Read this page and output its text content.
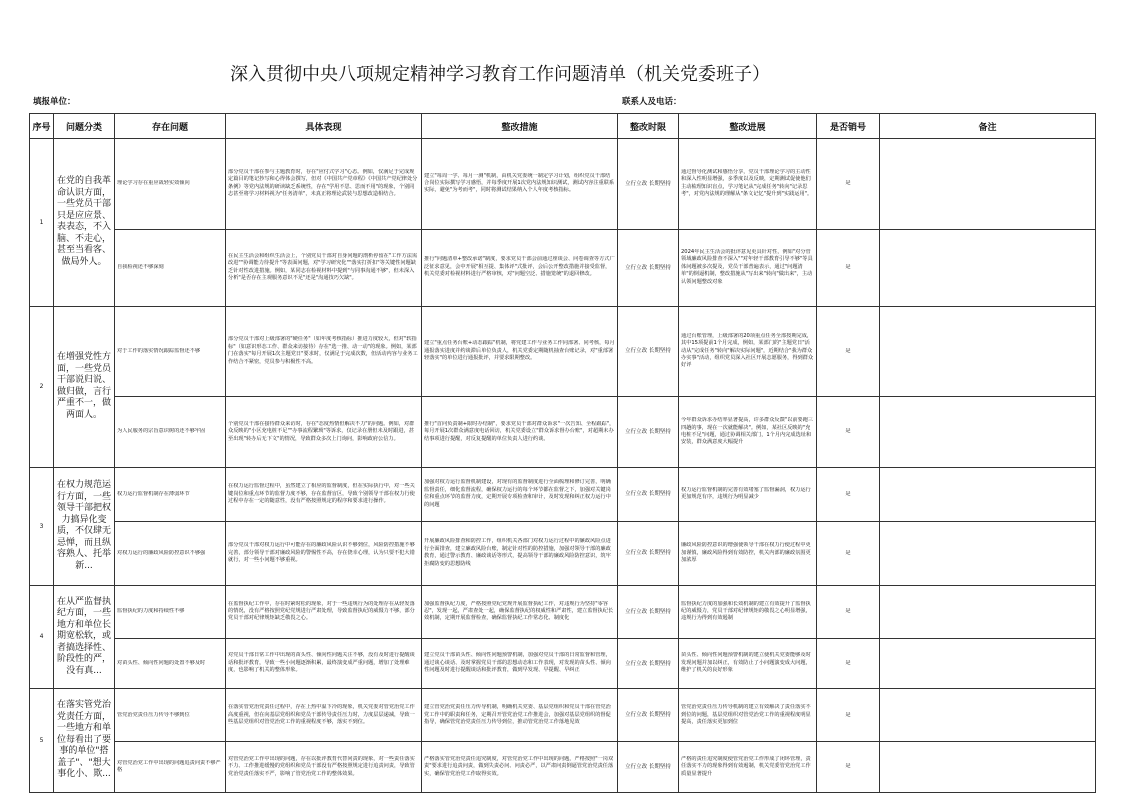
深入贯彻中央八项规定精神学习教育工作问题清单（机关党委班子）
填报单位：	联系人及电话：
序号	问题分类	存在问题	具体表现	整改措施	整改时限	整改进展	是否销号	备注
1	在党的自我革命认识方面，一些党员干部只是应应景、表表态，不入脑、不走心，甚至当看客、做局外人。	理论学习存在重应战轻实效倾向	部分党员干部在参与主题教育时，存在"应付式学习"心态。例如，仅满足于完成规定篇目的笔记抄写和心得体会撰写，但对《中国共产党章程》《中国共产党纪律处分条例》等党内法规的研读缺乏系统性，存在"学用不思、思而不用"的现象，个别同志甚至将学习材料视为"任务清单"，未真正将理论武装与思想改造相结合。	建立"每周一学、每月一测"机制，由机关党委统一制定学习计划，组织党员干部结合岗位实际撰写学习感悟，并每季度开展1次党内法规知识测试，测试内容注重联系实际，避免"为考而考"，同时将测试结果纳入个人年度考核指标。	立行立改 长期坚持	通过督导化测试和感悟分享，党员干部理论学习的主动性和深入性明显增强，多季度以及反映，定期测试促使他们主动梳理知识盲点，学习笔记从"完成任务"转向"记录思考"，对党内法规的理解从"条文记忆"提升到"实践运用"。	是	

		自我检视还不够深刻	在民主生活会和组织生活会上，个别党员干部对自身问题的剖析停留在"工作方法需改进""协调能力待提升"等表面问题，对"学习研究化""落实打折扣"等关键性问题缺乏针对性改进措施。例如，某同志在检视材料中提到"与同事沟通不够"，但未深入分析"是否存在主观服务意识不足"还是"沟通技巧欠缺"。	推行"问题清单+整改承诺"制度，要求党员干部会前通过座谈会、问卷调查等方式广泛征求意见，会中开展"相互提、集体评"式批评，会后公开整改措施并接受监督，机关党委对检视材料进行严格审核，对"问题空泛、措施笼统"的退回修改。	立行立改 长期坚持	2024年民主生活会的批评意见更具针对性，例如"对分管领域廉政风险排查不深入""对年轻干部教育引导不够"等具体问题被多次提及，党员干部普遍表示，通过"问题清单"的倒逼机制，整改措施从"写出来"转向"做出来"，主动认领问题整改对象	是	

2	在增强党性方面，一些党员干部说归说、做归做，言行严重不一，做两面人。	对于工作的落实情况跟踪监督还不够	部分党员干部对上级部署的"硬任务"（如年度考核指标）推进力度较大，但对"软指标"（如意识形态工作、群众来访接待）存在"选一推、动一动"的现象。例如，某部门在落实"每月开展1次主题党日"要求时，仅满足于完成次数，但活动内容与业务工作结合不紧密，党员参与积极性不高。	建立"重点任务台账+动态跟踪"机制，将党建工作与业务工作同部署、同考核，每月通报落实进度并约谈滞后单位负责人，机关党委定期随机抽查台账记录，对"重部署轻落实"的单位进行通报批评，并要求限期整改。	立行立改 长期坚持	通过台账管理，上级部署的20项重点任务全部按期完成，其中15项提前1个月完成，例如，某部门的"主题党日"活动从"完成任务"转向"解决实际问题"，近期结合"我为群众办实事"活动，组织党员深入社区开展志愿服务，得到群众好评	是	

		为人民服务的宗旨意识树的还不够牢固	个别党员干部在接待群众来访时，存在"态度热情但解决不力"的问题。例如，对群众反映的"小区充电桩不足""办事流程繁琐"等诉求，仅记录在册但未及时跟进，甚至出现"转办后无下文"的情况，导致群众多次上门询问，影响政府公信力。	推行"首问负责制+限时办结制"，要求党员干部对群众诉求"一次告知、全程跟踪"，每月开展1次群众满意度电话回访，机关党委设立"群众诉求督办台账"，对超期未办结事项进行提醒，对反复提醒的单位负责人进行约谈。	立行立改 长期坚持	今年群众诉求办结率显著提高，许多群众反馈"以前要跑三四趟的事，现在一次就能解决"。例如，某社区反映的"充电桩不足"问题，通过协调相关部门，1个月内完成选址和安装，群众满意度大幅提升	是	

3	在权力规范运行方面，一些领导干部把权力搞异化变质，不仅肆无忌惮，而且纵容熟人、托举新...	权力运行监督机制存在薄弱环节	在权力运行监督过程中，虽然建立了相应的监督制度，但在实际执行中，对一些关键岗位和重点环节的监督力度不够，存在监督盲区，导致个别领导干部在权力行使过程中存在一定的随意性，没有严格按照规定的程序和要求进行操作。	加强对权力运行监督机制建设，对现有的监督制度进行全面梳理和修订完善，明确监督责任，细化监督流程，确保权力运行的每个环节都在监督之下，加强对关键岗位和重点环节的监督力度，定期开展专项检查和审计，及时发现和纠正权力运行中的问题	立行立改 长期坚持	权力运行监督机制的完善有效堵塞了监督漏洞，权力运行更加规范有序，违规行为明显减少	是	

		对权力运行的廉政风险防控意识不够强	部分党员干部对权力运行中可能存在的廉政风险认识不够到位，风险防控措施不够完善，部分领导干部对廉政风险的警惕性不高，存在侥幸心理，认为只要不犯大错就行，对一些小问题不够重视。	开展廉政风险排查和防控工作，组织机关各部门对权力运行过程中的廉政风险点进行全面排查，建立廉政风险台账，制定针对性的防控措施，加强对领导干部的廉政教育，通过警示教育、廉政谈话等形式，提高领导干部的廉政风险防控意识，筑牢拒腐防变的思想防线	立行立改 长期坚持	廉政风险防控意识的增强使领导干部在权力行使过程中更加谨慎，廉政风险得到有效防控，机关内部的廉政氛围更加浓厚	是	

4	在从严监督执纪方面，一些地方和单位长期宽松软，或者搞选择性、阶段性的严，没有真...	监督执纪的力度和持续性不够	在监督执纪工作中，存在时紧时松的现象，对于一些违规行为的处理存在从轻发落的情况，没有严格按照党纪党规进行严肃处理，导致监督执纪的威慑力不够，部分党员干部对纪律规矩缺乏敬畏之心。	加强监督执纪力度，严格按照党纪党规开展监督执纪工作，对违规行为坚持"零容忍"，发现一起，严肃查处一起，确保监督执纪的权威性和严肃性，建立监督执纪长效机制，定期开展监督检查，确保监督执纪工作常态化、制度化	立行立改 长期坚持	监督执纪力度的加强和长效机制的建立有效提升了监督执纪的威慑力，党员干部对纪律规矩的敬畏之心明显增强，违规行为得到有效遏制	是	

		对苗头性、倾向性问题的处置不够及时	对党员干部日常工作中出现的苗头性、倾向性问题关注不够，没有及时进行提醒谈话和批评教育，导致一些小问题逐渐积累，最终演变成严重问题，增加了处理难度，也影响了机关的整体形象。	建立党员干部苗头性、倾向性问题预警机制，加强对党员干部的日常监督和管理，通过谈心谈话、及时掌握党员干部的思想动态和工作表现，对发现的苗头性、倾向性问题及时进行提醒谈话和批评教育，做到早发现、早提醒、早纠正	立行立改 长期坚持	苗头性、倾向性问题预警机制的建立使机关党委能够及时发现问题并加以纠正，有效防止了小问题演变成大问题，维护了机关的良好形象	是	

5	在落实管党治党责任方面，一些地方和单位每看出了要事的单位"搭盖子"、"想大事化小、欺...	管党治党责任压力传导不够到位	在落实管党治党责任过程中，存在上热中温下冷的现象，机关党委对管党治党工作高度重视，但在向基层党组织和党员干部传导责任压力时，力度层层递减，导致一些基层党组织对管党治党工作的重视程度不够，落实不到位。	建立管党治党责任压力传导机制，明确机关党委、基层党组织和党员干部在管党治党工作中的职责和任务，定期召开管党治党工作推进会，加强对基层党组织的督促指导，确保管党治党责任压力传导到位，推动管党治党工作落地见效	立行立改 长期坚持	管党治党责任压力传导机制的建立有效解决了责任落实不到位的问题，基层党组织对管党治党工作的重视程度明显提高，责任落实更加到位	是	

		对管党治党工作中出现的问题追责问责不够严格	对管党治党工作中出现的问题，存在以批评教育代替问责的现象，对一些责任落实不力、工作推进缓慢的党组织和党员干部没有严格按照规定进行追责问责，导致管党治党责任落实不严，影响了管党治党工作的整体效果。	严格落实管党治党责任追究制度，对管党治党工作中出现的问题，严格按照"一岗双责"要求进行追责问责，做到失责必问、问责必严，以严肃问责倒逼管党治党责任落实，确保管党治党工作取得实效。	立行立改 长期坚持	严格的责任追究制度使管党治党工作形成了闭环管理，责任落实不力的现象得到有效遏制，机关党委管党治党工作质量显著提升	是	
